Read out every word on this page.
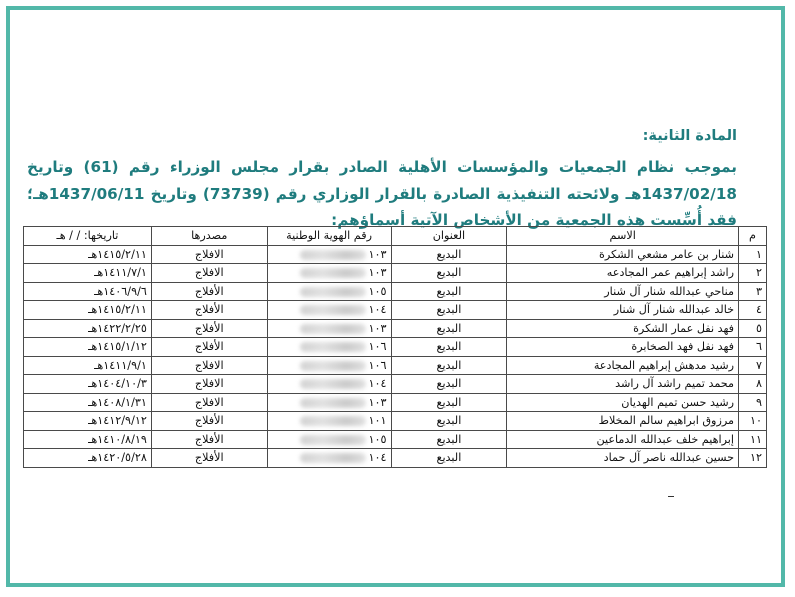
المادة الثانية:
بموجب نظام الجمعيات والمؤسسات الأهلية الصادر بقرار مجلس الوزراء رقم (61) وتاريخ 1437/02/18هـ ولائحته التنفيذية الصادرة بالقرار الوزاري رقم (73739) وتاريخ 1437/06/11هـ؛ فقد أُسِّست هذه الجمعية من الأشخاص الآتية أسماؤهم:
م	الاسم	العنوان	رقم الهوية الوطنية	مصدرها	تاريخها: / / هـ
١	شنار بن عامر مشعي الشكرة	البديع	١٠٣	الافلاج	١٤١٥/٢/١١هـ
٢	راشد إبراهيم عمر المجادعه	البديع	١٠٣	الافلاج	١٤١١/٧/١هـ
٣	مناحي عبدالله شنار آل شنار	البديع	١٠٥	الأفلاج	١٤٠٦/٩/٦هـ
٤	خالد عبدالله شنار آل شنار	البديع	١٠٤	الأفلاج	١٤١٥/٢/١١هـ
٥	فهد نفل عمار الشكرة	البديع	١٠٣	الأفلاج	١٤٢٢/٢/٢٥هـ
٦	فهد نفل فهد الصخابرة	البديع	١٠٦	الأفلاج	١٤١٥/١/١٢هـ
٧	رشيد مدهش إبراهيم المجادعة	البديع	١٠٦	الافلاج	١٤١١/٩/١هـ
٨	محمد تميم راشد آل راشد	البديع	١٠٤	الافلاج	١٤٠٤/١٠/٣هـ
٩	رشيد حسن تميم الهديان	البديع	١٠٣	الافلاج	١٤٠٨/١/٣١هـ
١٠	مرزوق ابراهيم سالم المخلاط	البديع	١٠١	الأفلاج	١٤١٢/٩/١٢هـ
١١	إبراهيم خلف عبدالله الدماعين	البديع	١٠٥	الأفلاج	١٤١٠/٨/١٩هـ
١٢	حسين عبدالله ناصر آل حماد	البديع	١٠٤	الأفلاج	١٤٢٠/٥/٢٨هـ
